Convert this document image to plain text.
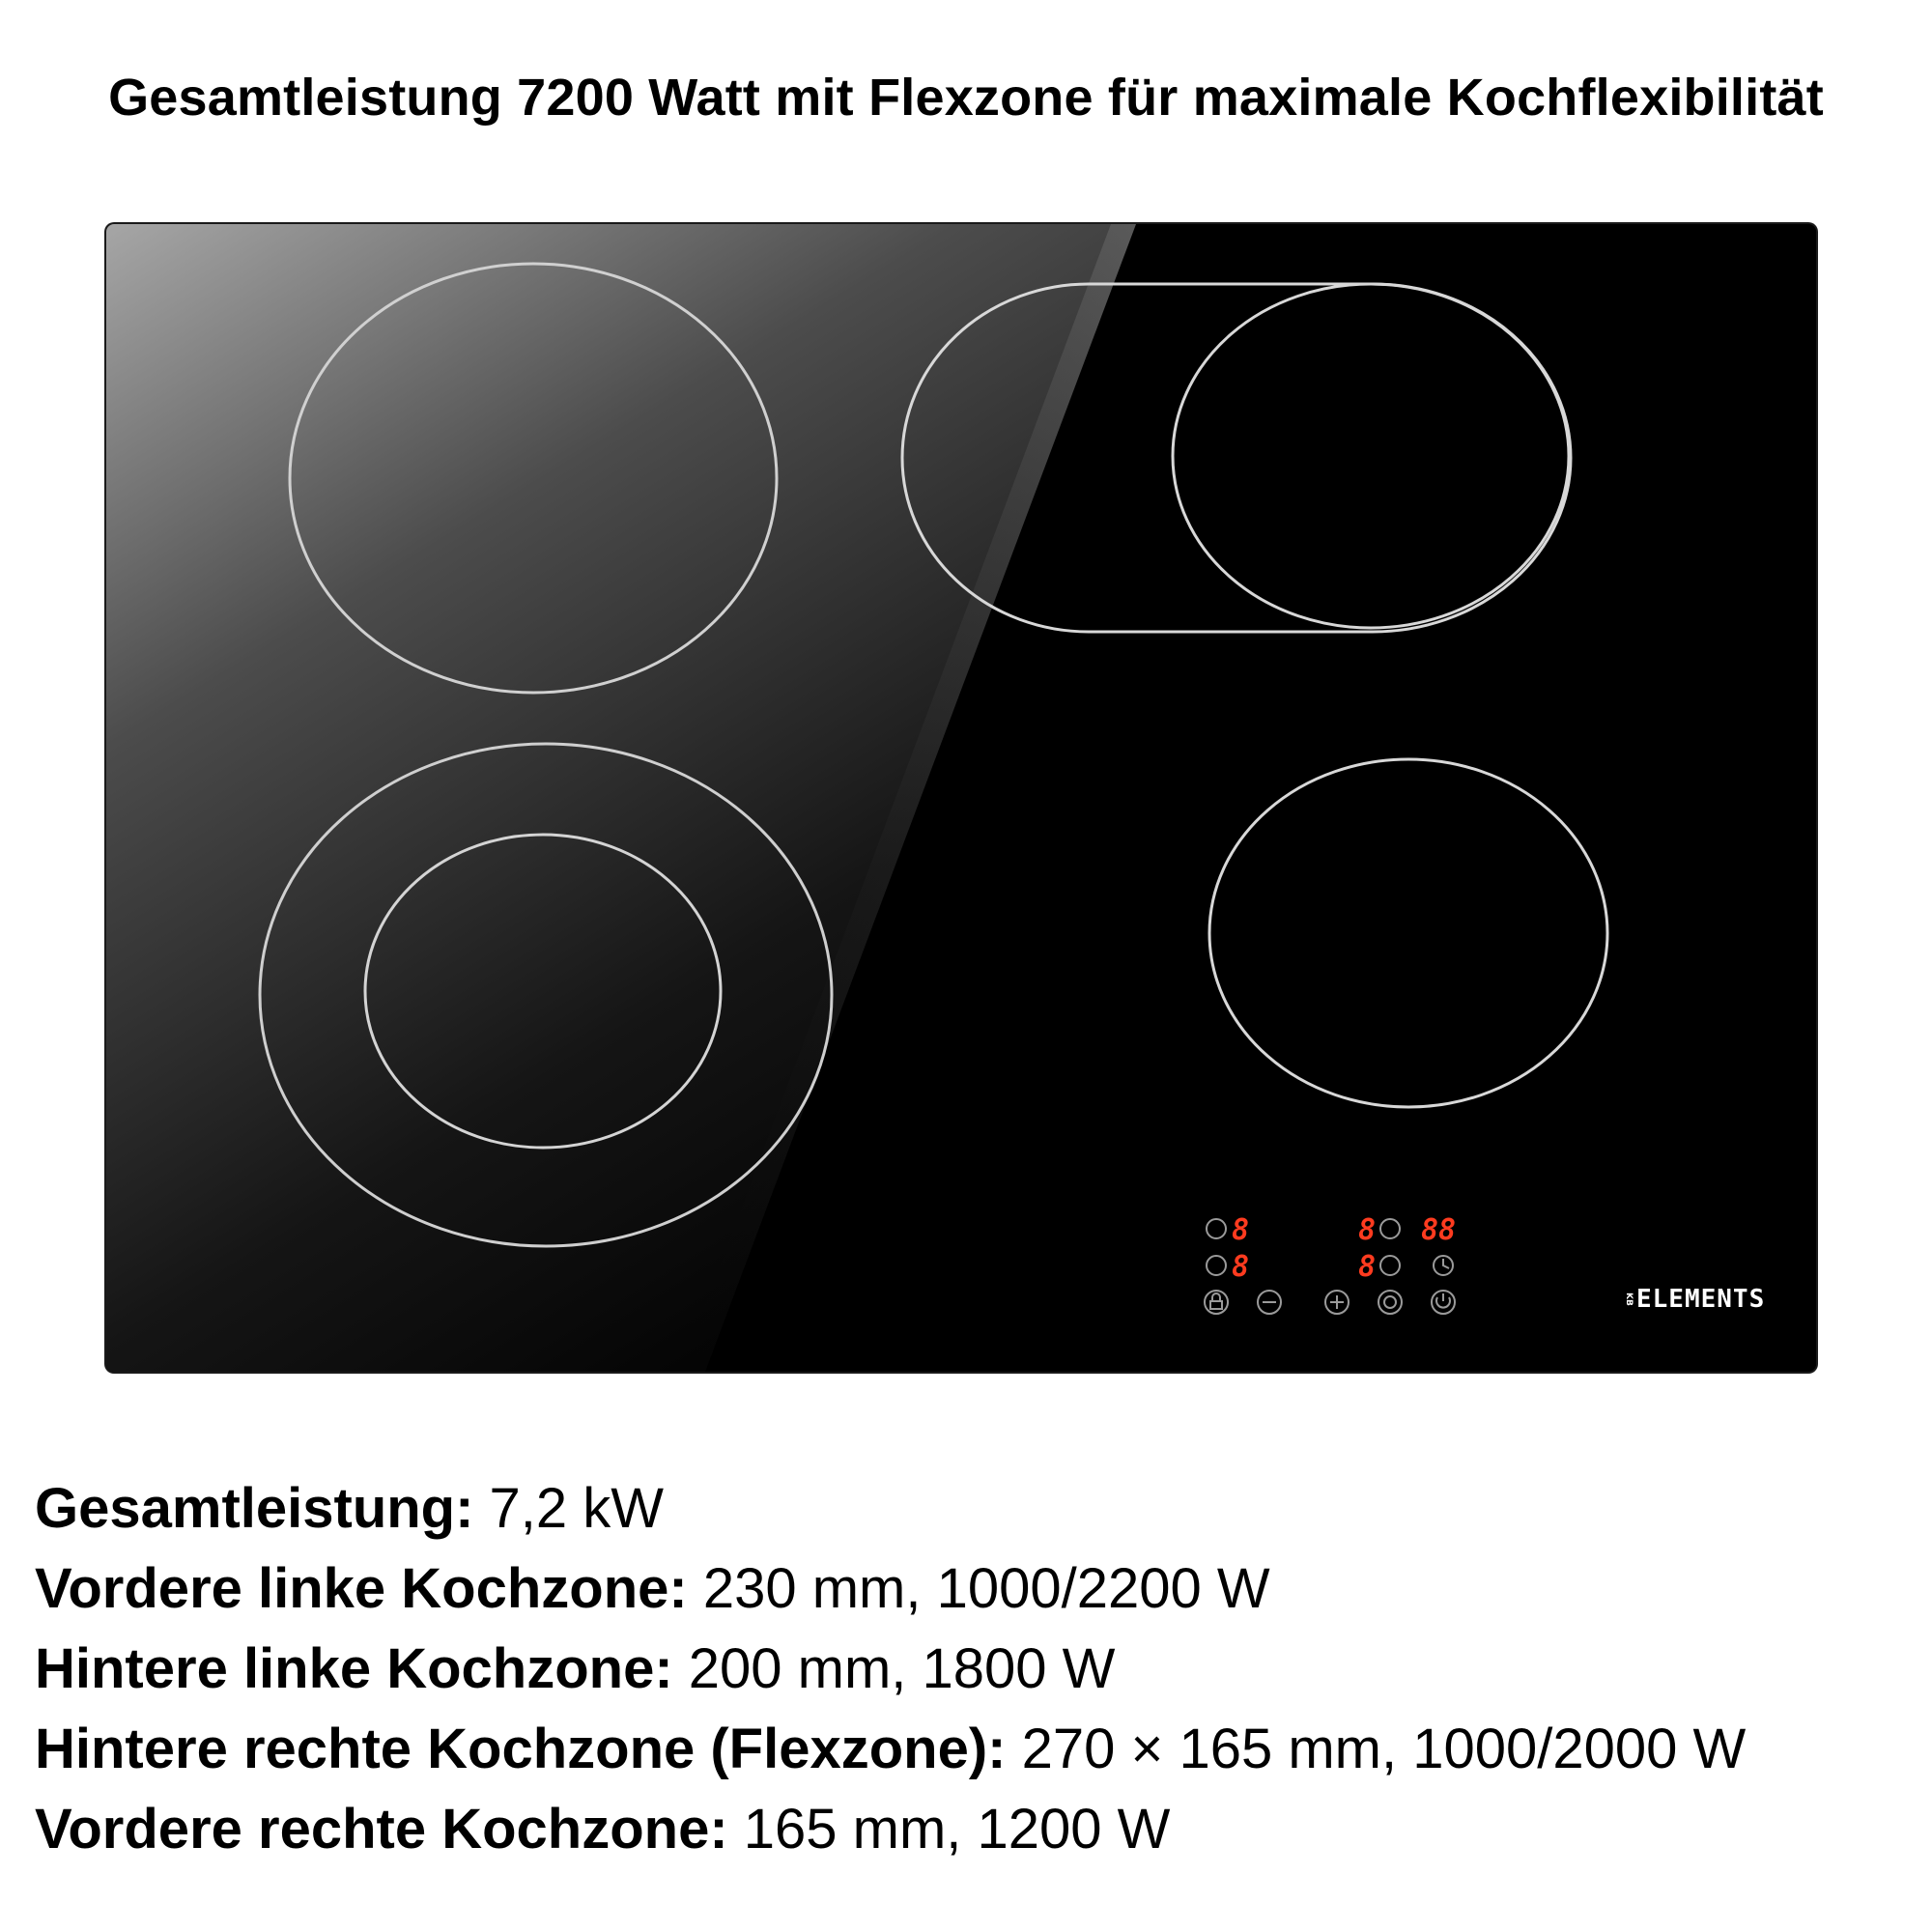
Gesamtleistung 7200 Watt mit Flexzone für maximale Kochflexibilität
8	8 88
8	8
KB ELEMENTS
Gesamtleistung: 7,2 kW
Vordere linke Kochzone: 230 mm, 1000/2200 W
Hintere linke Kochzone: 200 mm, 1800 W
Hintere rechte Kochzone (Flexzone): 270 × 165 mm, 1000/2000 W
Vordere rechte Kochzone: 165 mm, 1200 W
